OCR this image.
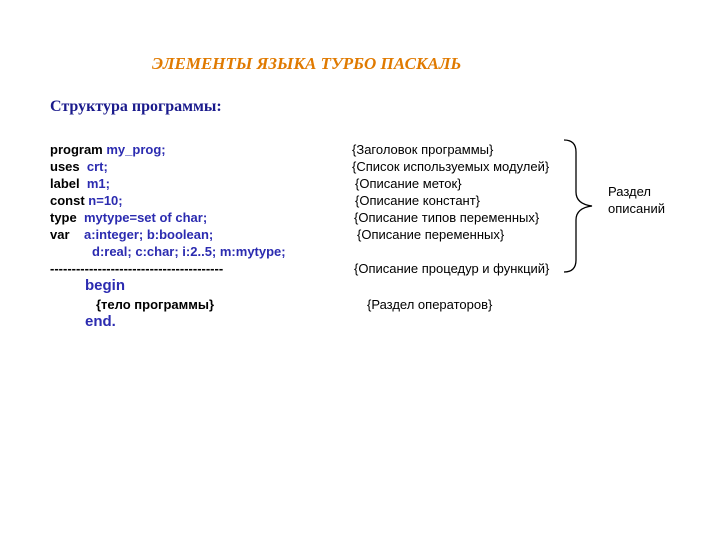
ЭЛЕМЕНТЫ ЯЗЫКА ТУРБО ПАСКАЛЬ
Структура программы:
program my_prog;
uses crt;
label m1;
const n=10;
type mytype=set of char;
var a:integer; b:boolean;
d:real; c:char; i:2..5; m:mytype;
----------------------------------------
begin
{тело программы}
end.
{Заголовок программы}
{Список используемых модулей}
{Описание меток}
{Описание констант}
{Описание типов переменных}
{Описание переменных}
{Описание процедур и функций}
{Раздел операторов}
Раздел описаний
